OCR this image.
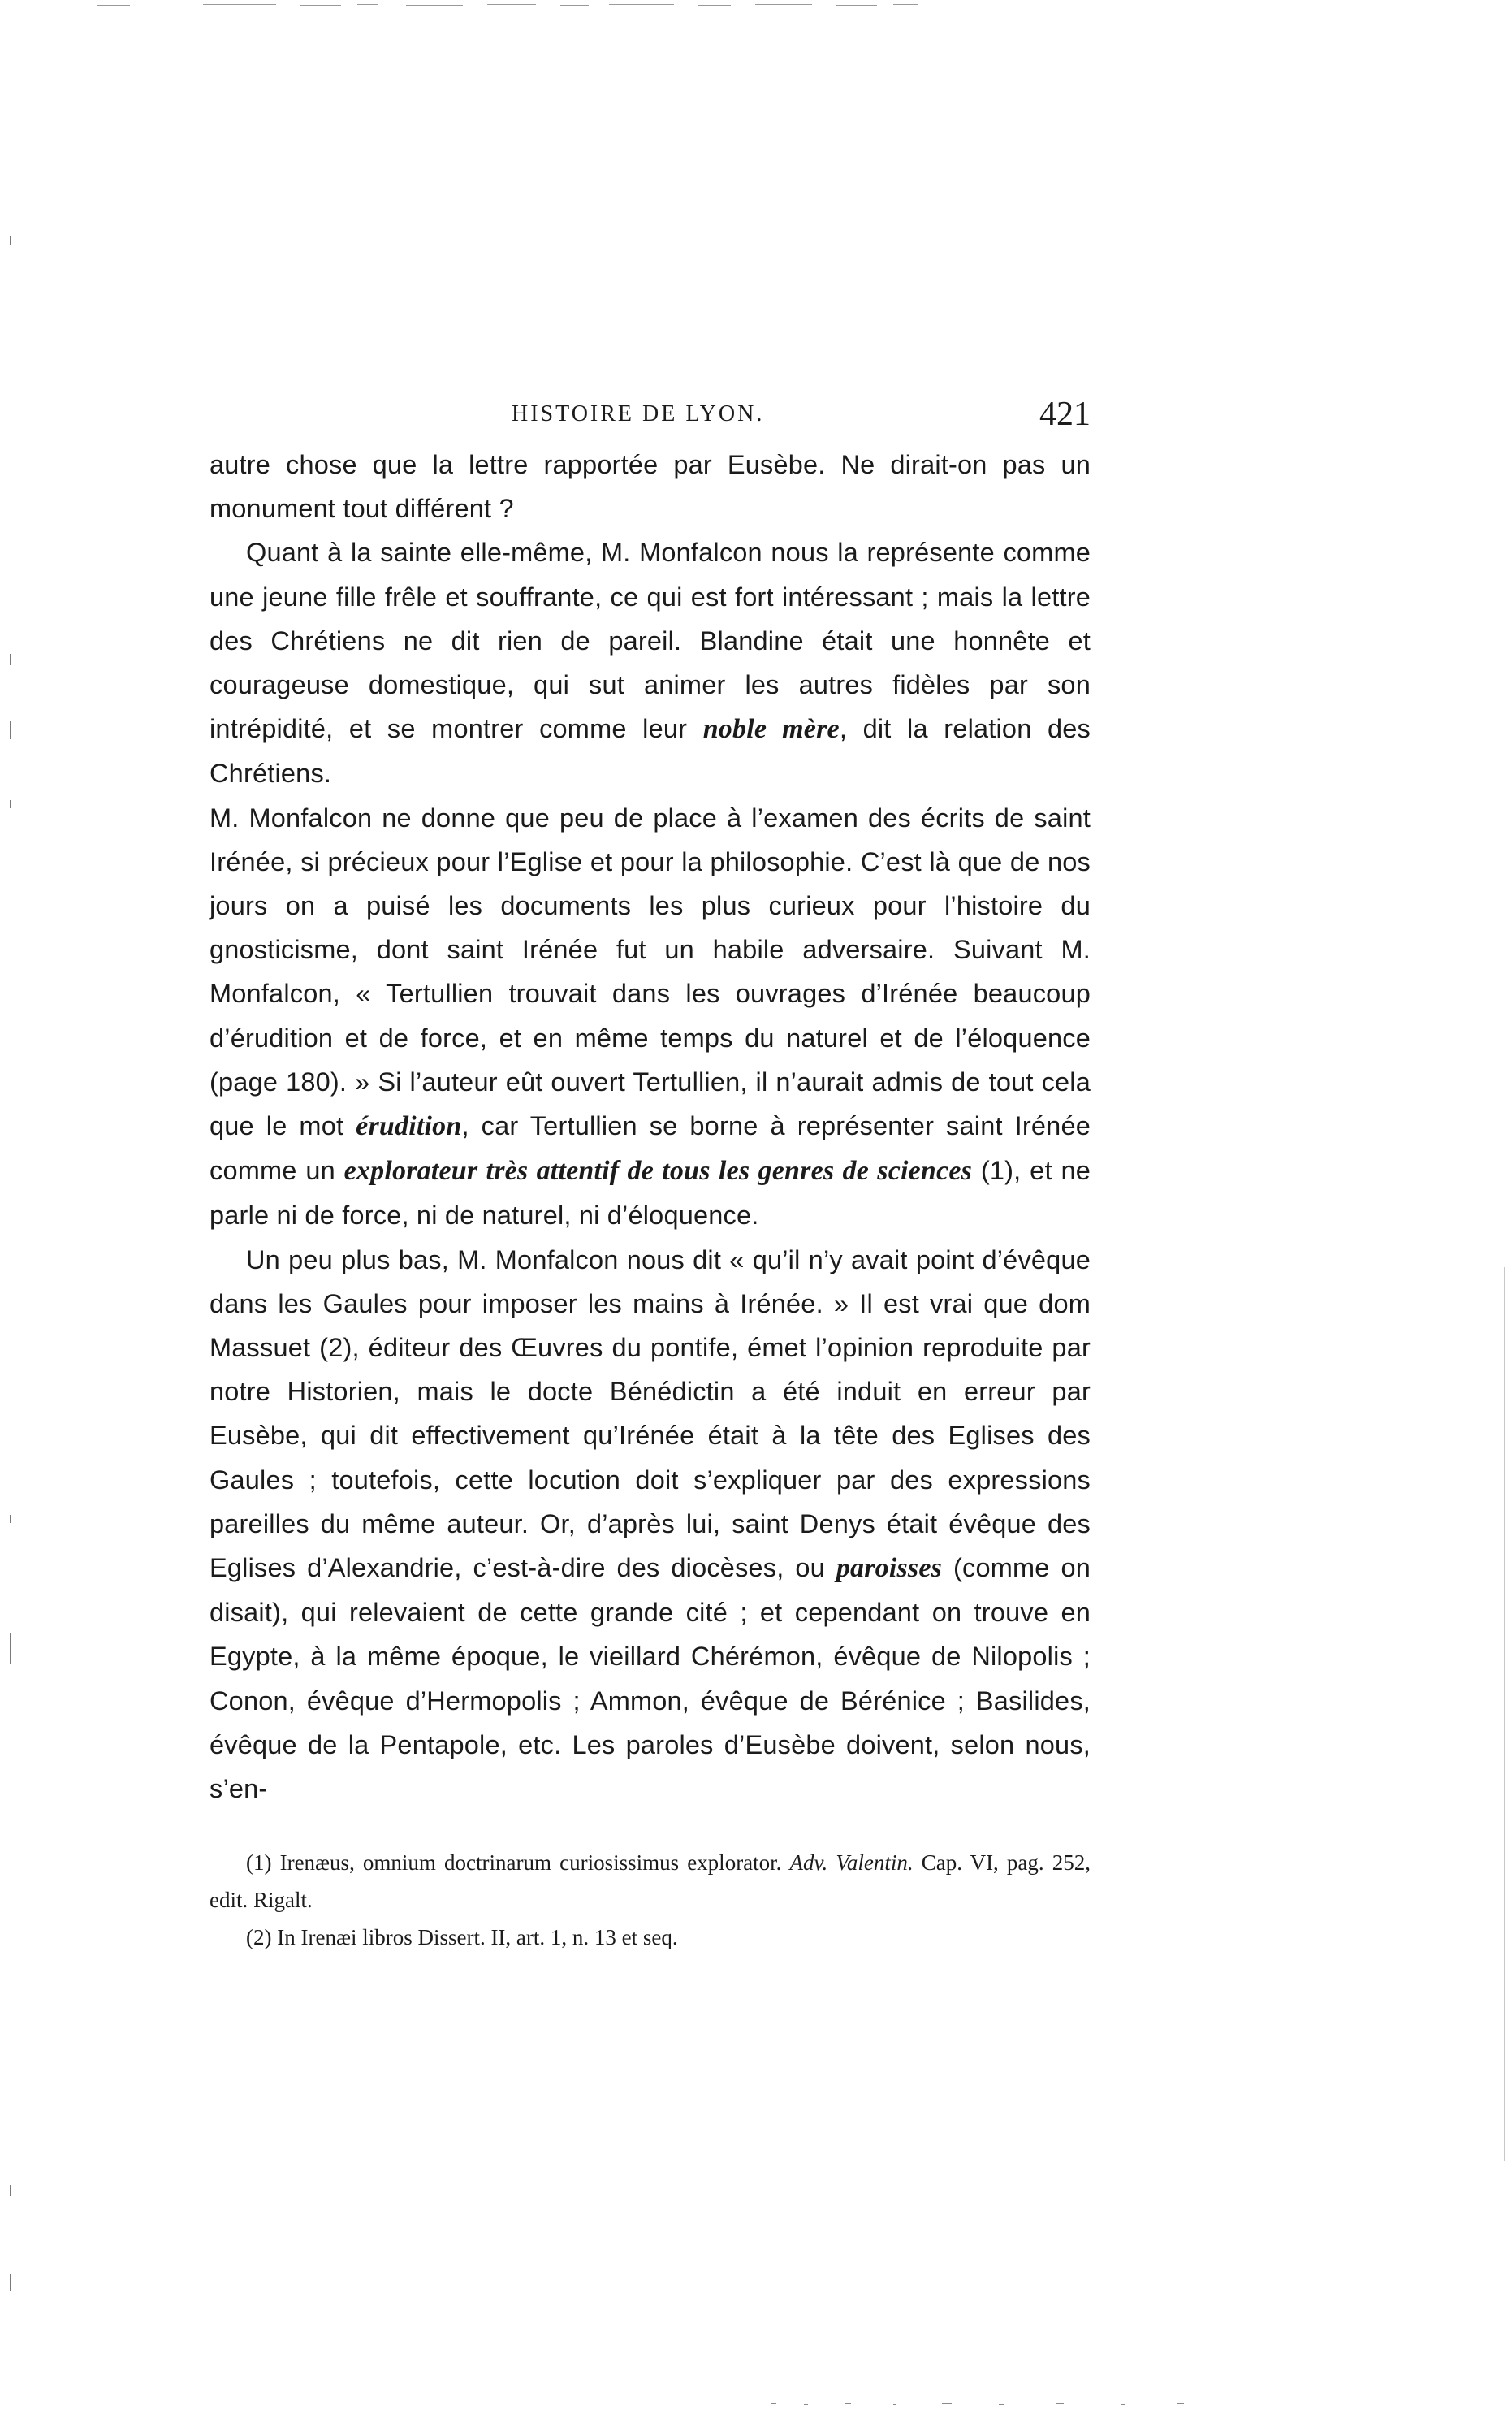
HISTOIRE DE LYON.	421

autre chose que la lettre rapportée par Eusèbe. Ne dirait-on pas un monument tout différent ?

Quant à la sainte elle-même, M. Monfalcon nous la représente comme une jeune fille frêle et souffrante, ce qui est fort intéressant ; mais la lettre des Chrétiens ne dit rien de pareil. Blandine était une honnête et courageuse domestique, qui sut animer les autres fidèles par son intrépidité, et se montrer comme leur noble mère, dit la relation des Chrétiens.

M. Monfalcon ne donne que peu de place à l’examen des écrits de saint Irénée, si précieux pour l’Eglise et pour la philosophie. C’est là que de nos jours on a puisé les documents les plus curieux pour l’histoire du gnosticisme, dont saint Irénée fut un habile adversaire. Suivant M. Monfalcon, « Tertullien trouvait dans les ouvrages d’Irénée beaucoup d’érudition et de force, et en même temps du naturel et de l’éloquence (page 180). » Si l’auteur eût ouvert Tertullien, il n’aurait admis de tout cela que le mot érudition, car Tertullien se borne à représenter saint Irénée comme un explorateur très attentif de tous les genres de sciences (1), et ne parle ni de force, ni de naturel, ni d’éloquence.

Un peu plus bas, M. Monfalcon nous dit « qu’il n’y avait point d’évêque dans les Gaules pour imposer les mains à Irénée. » Il est vrai que dom Massuet (2), éditeur des Œuvres du pontife, émet l’opinion reproduite par notre Historien, mais le docte Bénédictin a été induit en erreur par Eusèbe, qui dit effectivement qu’Irénée était à la tête des Eglises des Gaules ; toutefois, cette locution doit s’expliquer par des expressions pareilles du même auteur. Or, d’après lui, saint Denys était évêque des Eglises d’Alexandrie, c’est-à-dire des diocèses, ou paroisses (comme on disait), qui relevaient de cette grande cité ; et cependant on trouve en Egypte, à la même époque, le vieillard Chérémon, évêque de Nilopolis ; Conon, évêque d’Hermopolis ; Ammon, évêque de Bérénice ; Basilides, évêque de la Pentapole, etc. Les paroles d’Eusèbe doivent, selon nous, s’en-

(1) Irenæus, omnium doctrinarum curiosissimus explorator. Adv. Valentin. Cap. VI, pag. 252, edit. Rigalt.

(2) In Irenæi libros Dissert. II, art. 1, n. 13 et seq.
